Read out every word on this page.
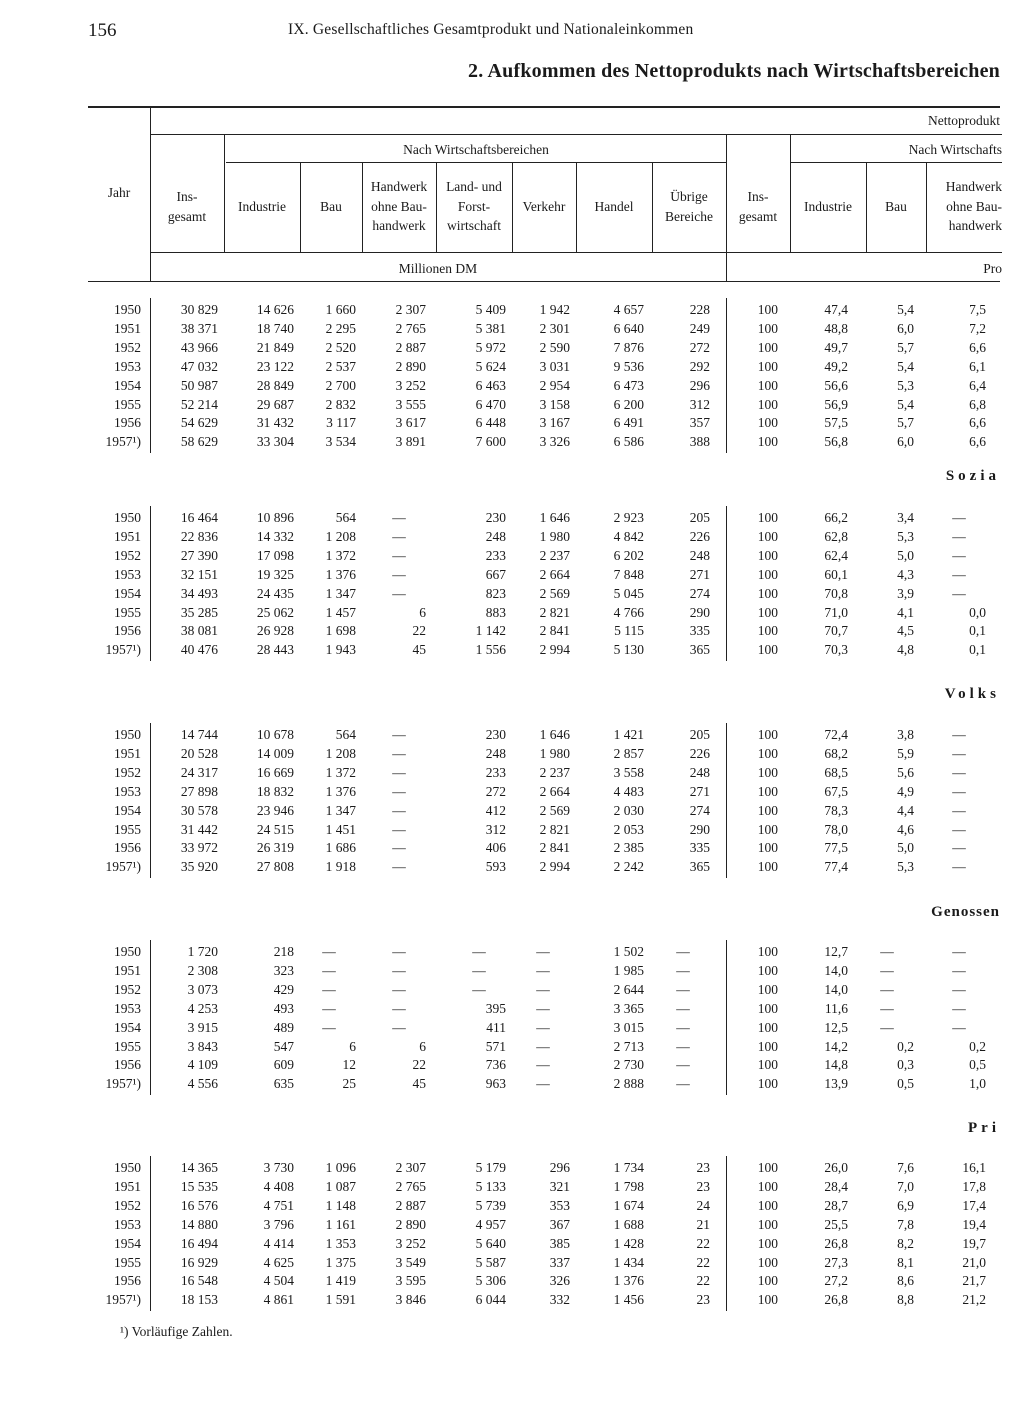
156	IX. Gesellschaftliches Gesamtprodukt und Nationaleinkommen
2. Aufkommen des Nettoprodukts nach Wirtschaftsbereichen
Nettoprodukt
Nach Wirtschaftsbereichen	Nach Wirtschafts
Jahr	Ins-
gesamt
Industrie	Bau
Handwerk
ohne Bau-
handwerk
Land- und
Forst-
wirtschaft
Verkehr	Handel
Übrige
Bereiche
Ins-
gesamt
Industrie	Bau
Handwerk
ohne Bau-
handwerk
Millionen DM	Pro
1950	30 829	14 626	1 660	2 307	5 409	1 942	4 657	228	100	47,4	5,4	7,5
1951	38 371	18 740	2 295	2 765	5 381	2 301	6 640	249	100	48,8	6,0	7,2
1952	43 966	21 849	2 520	2 887	5 972	2 590	7 876	272	100	49,7	5,7	6,6
1953	47 032	23 122	2 537	2 890	5 624	3 031	9 536	292	100	49,2	5,4	6,1
1954	50 987	28 849	2 700	3 252	6 463	2 954	6 473	296	100	56,6	5,3	6,4
1955	52 214	29 687	2 832	3 555	6 470	3 158	6 200	312	100	56,9	5,4	6,8
1956	54 629	31 432	3 117	3 617	6 448	3 167	6 491	357	100	57,5	5,7	6,6
1957¹)	58 629	33 304	3 534	3 891	7 600	3 326	6 586	388	100	56,8	6,0	6,6
Sozia
1950	16 464	10 896	564	—	230	1 646	2 923	205	100	66,2	3,4	—
1951	22 836	14 332	1 208	—	248	1 980	4 842	226	100	62,8	5,3	—
1952	27 390	17 098	1 372	—	233	2 237	6 202	248	100	62,4	5,0	—
1953	32 151	19 325	1 376	—	667	2 664	7 848	271	100	60,1	4,3	—
1954	34 493	24 435	1 347	—	823	2 569	5 045	274	100	70,8	3,9	—
1955	35 285	25 062	1 457	6	883	2 821	4 766	290	100	71,0	4,1	0,0
1956	38 081	26 928	1 698	22	1 142	2 841	5 115	335	100	70,7	4,5	0,1
1957¹)	40 476	28 443	1 943	45	1 556	2 994	5 130	365	100	70,3	4,8	0,1
Volks
1950	14 744	10 678	564	—	230	1 646	1 421	205	100	72,4	3,8	—
1951	20 528	14 009	1 208	—	248	1 980	2 857	226	100	68,2	5,9	—
1952	24 317	16 669	1 372	—	233	2 237	3 558	248	100	68,5	5,6	—
1953	27 898	18 832	1 376	—	272	2 664	4 483	271	100	67,5	4,9	—
1954	30 578	23 946	1 347	—	412	2 569	2 030	274	100	78,3	4,4	—
1955	31 442	24 515	1 451	—	312	2 821	2 053	290	100	78,0	4,6	—
1956	33 972	26 319	1 686	—	406	2 841	2 385	335	100	77,5	5,0	—
1957¹)	35 920	27 808	1 918	—	593	2 994	2 242	365	100	77,4	5,3	—
Genossen
1950	1 720	218	—	—	—	—	1 502	—	100	12,7	—	—
1951	2 308	323	—	—	—	—	1 985	—	100	14,0	—	—
1952	3 073	429	—	—	—	—	2 644	—	100	14,0	—	—
1953	4 253	493	—	—	395	—	3 365	—	100	11,6	—	—
1954	3 915	489	—	—	411	—	3 015	—	100	12,5	—	—
1955	3 843	547	6	6	571	—	2 713	—	100	14,2	0,2	0,2
1956	4 109	609	12	22	736	—	2 730	—	100	14,8	0,3	0,5
1957¹)	4 556	635	25	45	963	—	2 888	—	100	13,9	0,5	1,0
Pri
1950	14 365	3 730	1 096	2 307	5 179	296	1 734	23	100	26,0	7,6	16,1
1951	15 535	4 408	1 087	2 765	5 133	321	1 798	23	100	28,4	7,0	17,8
1952	16 576	4 751	1 148	2 887	5 739	353	1 674	24	100	28,7	6,9	17,4
1953	14 880	3 796	1 161	2 890	4 957	367	1 688	21	100	25,5	7,8	19,4
1954	16 494	4 414	1 353	3 252	5 640	385	1 428	22	100	26,8	8,2	19,7
1955	16 929	4 625	1 375	3 549	5 587	337	1 434	22	100	27,3	8,1	21,0
1956	16 548	4 504	1 419	3 595	5 306	326	1 376	22	100	27,2	8,6	21,7
1957¹)	18 153	4 861	1 591	3 846	6 044	332	1 456	23	100	26,8	8,8	21,2
¹) Vorläufige Zahlen.
